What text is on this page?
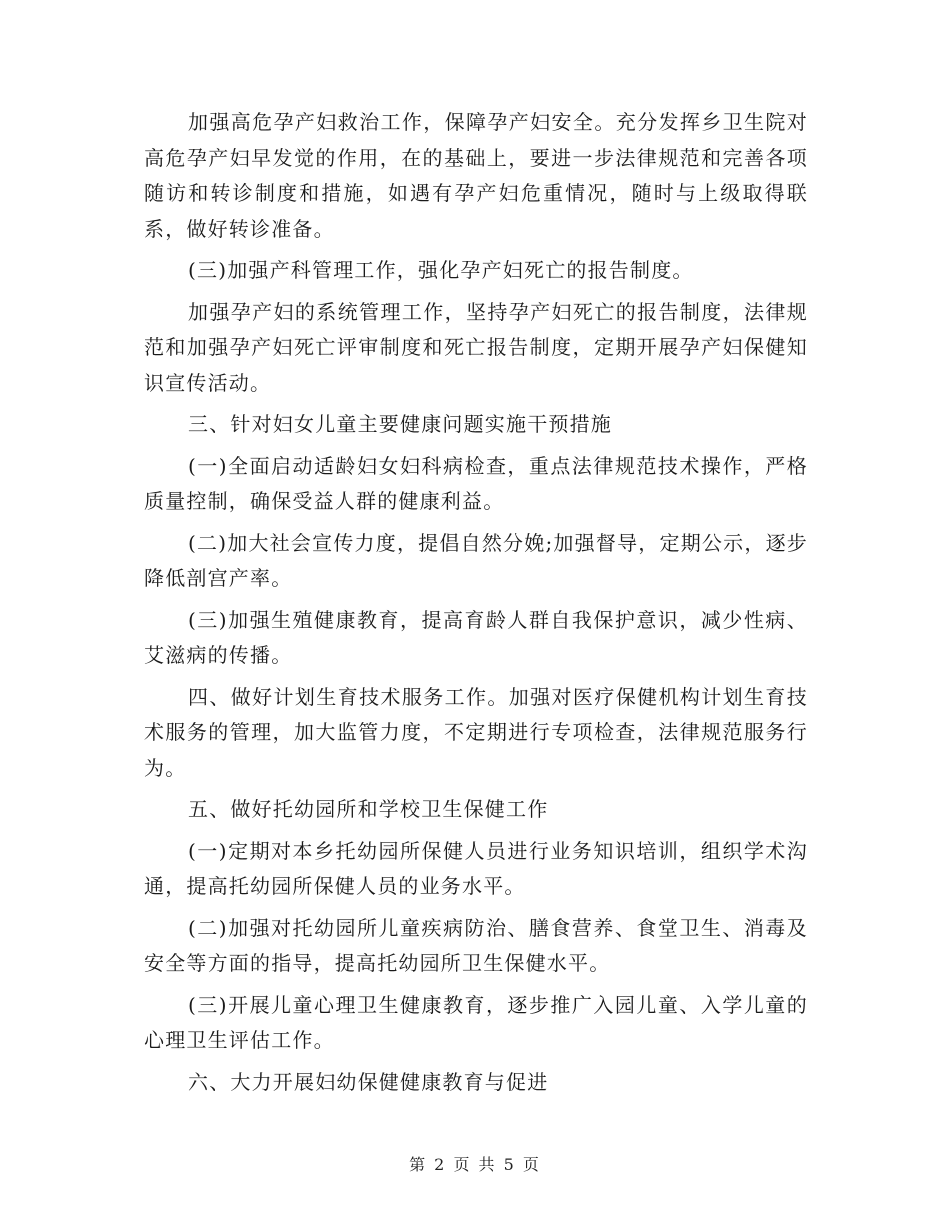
加强高危孕产妇救治工作，保障孕产妇安全。充分发挥乡卫生院对高危孕产妇早发觉的作用，在的基础上，要进一步法律规范和完善各项随访和转诊制度和措施，如遇有孕产妇危重情况，随时与上级取得联系，做好转诊准备。

(三)加强产科管理工作，强化孕产妇死亡的报告制度。

加强孕产妇的系统管理工作，坚持孕产妇死亡的报告制度，法律规范和加强孕产妇死亡评审制度和死亡报告制度，定期开展孕产妇保健知识宣传活动。

三、针对妇女儿童主要健康问题实施干预措施

(一)全面启动适龄妇女妇科病检查，重点法律规范技术操作，严格质量控制，确保受益人群的健康利益。

(二)加大社会宣传力度，提倡自然分娩;加强督导，定期公示，逐步降低剖宫产率。

(三)加强生殖健康教育，提高育龄人群自我保护意识，减少性病、艾滋病的传播。

四、做好计划生育技术服务工作。加强对医疗保健机构计划生育技术服务的管理，加大监管力度，不定期进行专项检查，法律规范服务行为。

五、做好托幼园所和学校卫生保健工作

(一)定期对本乡托幼园所保健人员进行业务知识培训，组织学术沟通，提高托幼园所保健人员的业务水平。

(二)加强对托幼园所儿童疾病防治、膳食营养、食堂卫生、消毒及安全等方面的指导，提高托幼园所卫生保健水平。

(三)开展儿童心理卫生健康教育，逐步推广入园儿童、入学儿童的心理卫生评估工作。

六、大力开展妇幼保健健康教育与促进

第 2 页 共 5 页
